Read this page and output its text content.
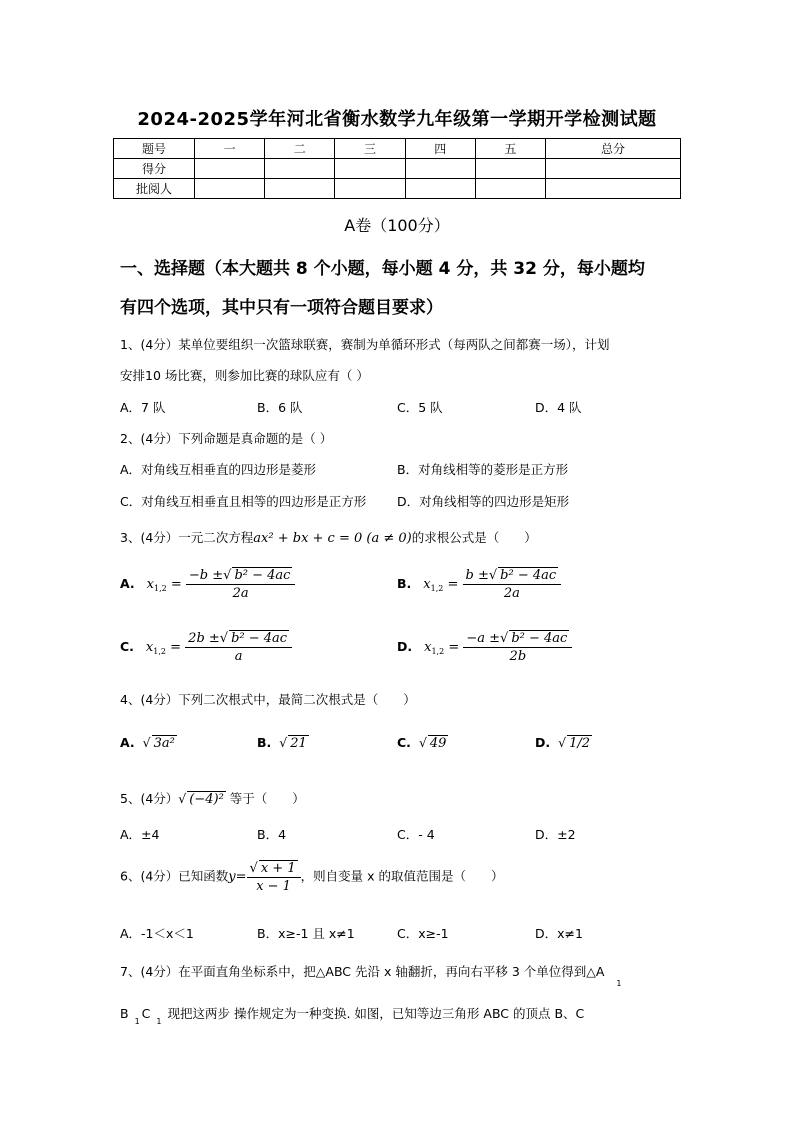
2024-2025学年河北省衡水数学九年级第一学期开学检测试题
题号	一	二	三	四	五	总分
得分						
批阅人						
A卷（100分）
一、选择题（本大题共 8 个小题，每小题 4 分，共 32 分，每小题均
有四个选项，其中只有一项符合题目要求）
1、(4分）某单位要组织一次篮球联赛，赛制为单循环形式（每两队之间都赛一场），计划
安排10 场比赛，则参加比赛的球队应有（ ）
A．7 队	B．6 队	C．5 队	D．4 队
2、(4分）下列命题是真命题的是（ ）
A．对角线互相垂直的四边形是菱形	B．对角线相等的菱形是正方形
C．对角线互相垂直且相等的四边形是正方形 D．对角线相等的四边形是矩形
3、(4分）一元二次方程ax² + bx + c = 0 (a ≠ 0)的求根公式是（　　）
A. $x_{1,2} = \frac{\text{−b ±√ b² − 4ac}}{2a}$	B. $x_{1,2} = \frac{\text{b ±√ b² − 4ac}}{2a}$
C. $x_{1,2} = \frac{\text{2b ±√ b² − 4ac}}{a}$	D. $x_{1,2} = \frac{\text{−a ±√ b² − 4ac}}{2b}$
4、(4分）下列二次根式中，最简二次根式是（　　）
A. √ 3a²	B. √ 21	C. √ 49	D. √ 1/2
5、(4分）√ (−4)² 等于（　　）
A．±4	B．4	C．- 4	D．±2
6、(4分）已知函数$y= \frac{√ x + 1}{x - 1}$ ，则自变量 x 的取值范围是（　　）
A．-1＜x＜1	B．x≥-1 且 x≠1	C．x≥-1	D．x≠1
7、(4分）在平面直角坐标系中，把△ABC 先沿 x 轴翻折，再向右平移 3 个单位得到$\triangle A_1$
$B_1C_1$现把这两步 操作规定为一种变换. 如图，已知等边三角形 ABC 的顶点 B、C
